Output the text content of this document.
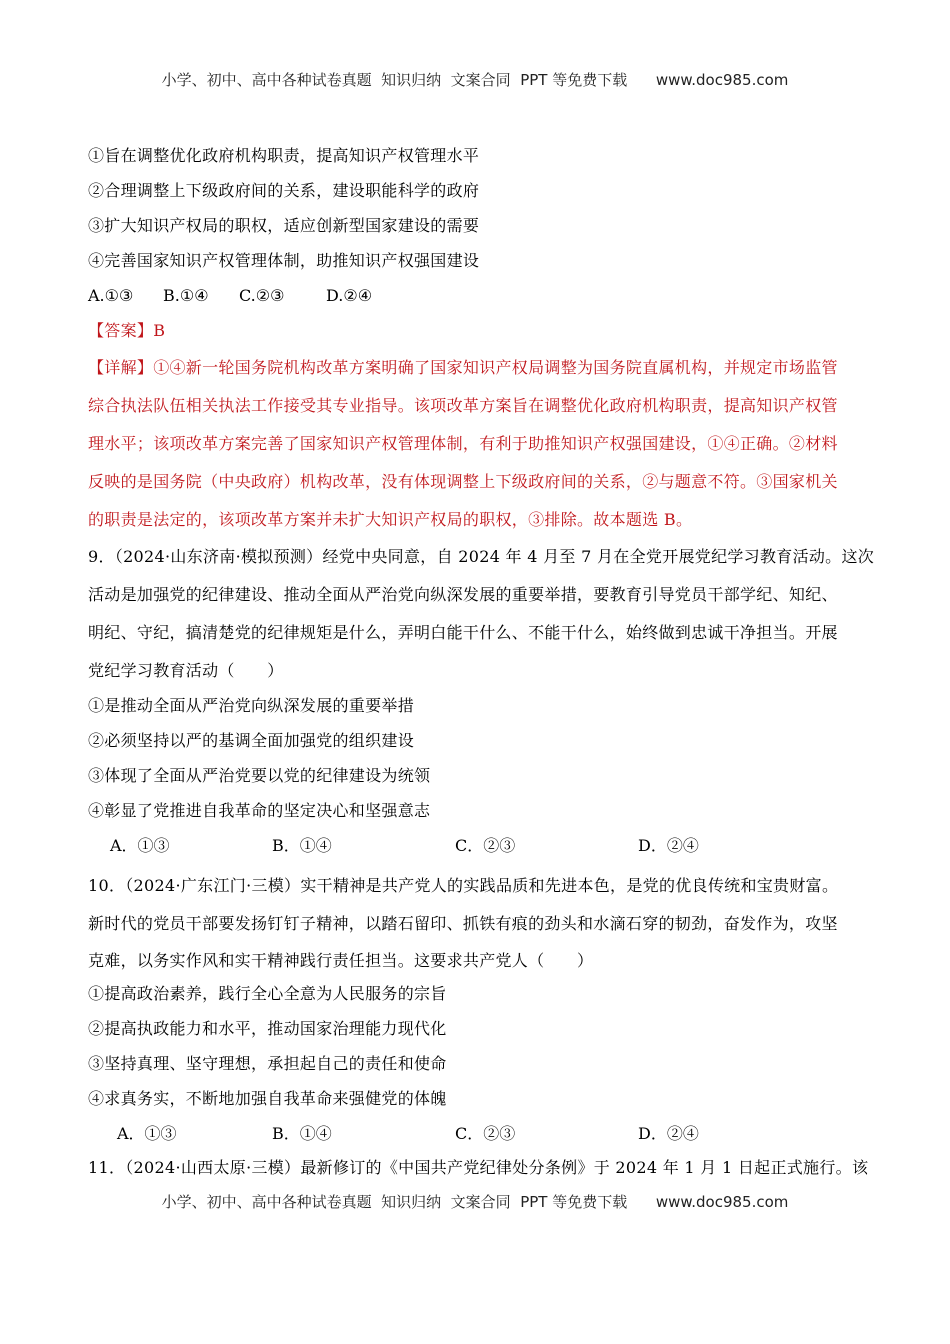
小学、初中、高中各种试卷真题  知识归纳  文案合同  PPT 等免费下载      www.doc985.com
①旨在调整优化政府机构职责，提高知识产权管理水平
②合理调整上下级政府间的关系，建设职能科学的政府
③扩大知识产权局的职权，适应创新型国家建设的需要
④完善国家知识产权管理体制，助推知识产权强国建设
A.①③ B.①④ C.②③	D.②④
【答案】B
【详解】①④新一轮国务院机构改革方案明确了国家知识产权局调整为国务院直属机构，并规定市场监管
综合执法队伍相关执法工作接受其专业指导。该项改革方案旨在调整优化政府机构职责，提高知识产权管
理水平；该项改革方案完善了国家知识产权管理体制，有利于助推知识产权强国建设，①④正确。②材料
反映的是国务院（中央政府）机构改革，没有体现调整上下级政府间的关系，②与题意不符。③国家机关
的职责是法定的，该项改革方案并未扩大知识产权局的职权，③排除。故本题选 B。
9．（2024·山东济南·模拟预测）经党中央同意，自 2024 年 4 月至 7 月在全党开展党纪学习教育活动。这次
活动是加强党的纪律建设、推动全面从严治党向纵深发展的重要举措，要教育引导党员干部学纪、知纪、
明纪、守纪，搞清楚党的纪律规矩是什么，弄明白能干什么、不能干什么，始终做到忠诚干净担当。开展
党纪学习教育活动（　　）
①是推动全面从严治党向纵深发展的重要举措
②必须坚持以严的基调全面加强党的组织建设
③体现了全面从严治党要以党的纪律建设为统领
④彰显了党推进自我革命的坚定决心和坚强意志
A．①③	B．①④	C．②③	D．②④
10．（2024·广东江门·三模）实干精神是共产党人的实践品质和先进本色，是党的优良传统和宝贵财富。
新时代的党员干部要发扬钉钉子精神，以踏石留印、抓铁有痕的劲头和水滴石穿的韧劲，奋发作为，攻坚
克难，以务实作风和实干精神践行责任担当。这要求共产党人（　　）
①提高政治素养，践行全心全意为人民服务的宗旨
②提高执政能力和水平，推动国家治理能力现代化
③坚持真理、坚守理想，承担起自己的责任和使命
④求真务实，不断地加强自我革命来强健党的体魄
A．①③	B．①④	C．②③	D．②④
11．（2024·山西太原·三模）最新修订的《中国共产党纪律处分条例》于 2024 年 1 月 1 日起正式施行。该
小学、初中、高中各种试卷真题  知识归纳  文案合同  PPT 等免费下载      www.doc985.com
